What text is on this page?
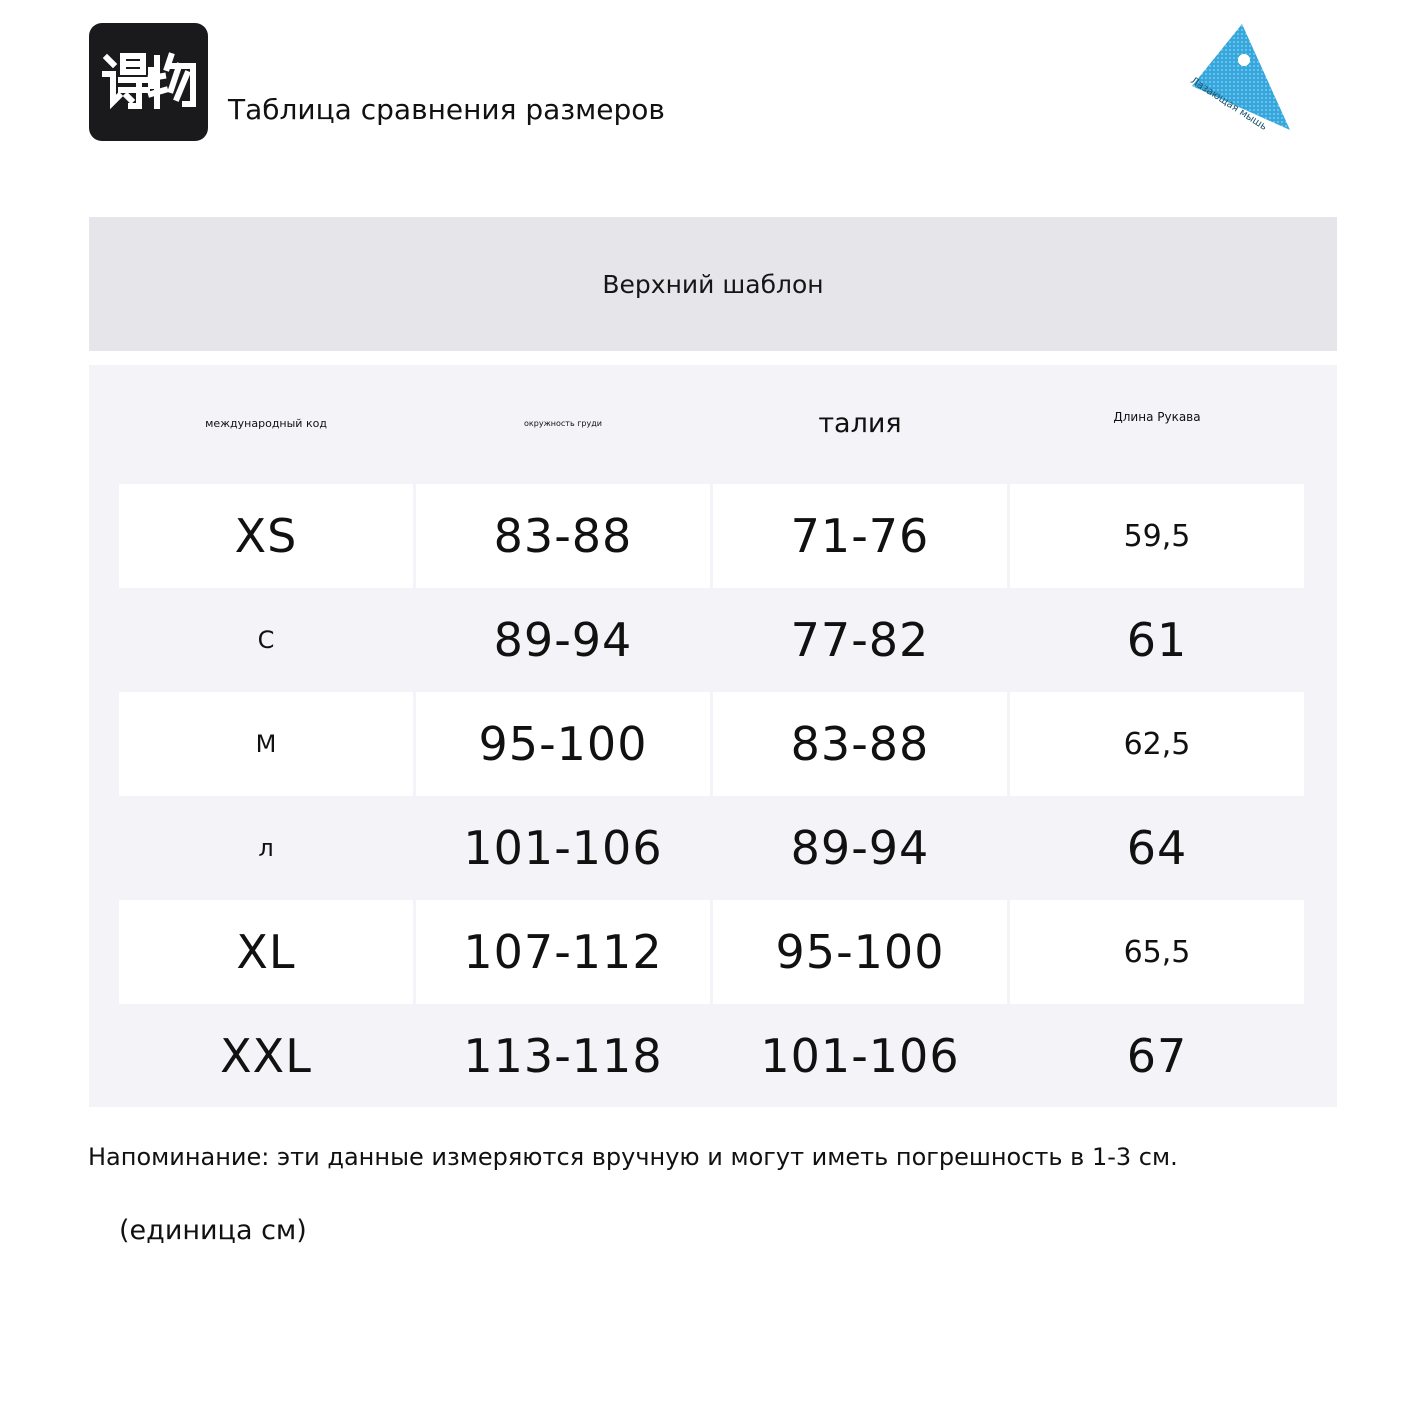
Таблица сравнения размеров	Лазающая мышь
Верхний шаблон
международный код	окружность груди	талия	Длина Рукава
XS	83-88	71-76	59,5
С	89-94	77-82	61
М	95-100	83-88	62,5
л	101-106	89-94	64
XL	107-112	95-100	65,5
XXL	113-118	101-106	67
Напоминание: эти данные измеряются вручную и могут иметь погрешность в 1-3 см.
(единица см)
